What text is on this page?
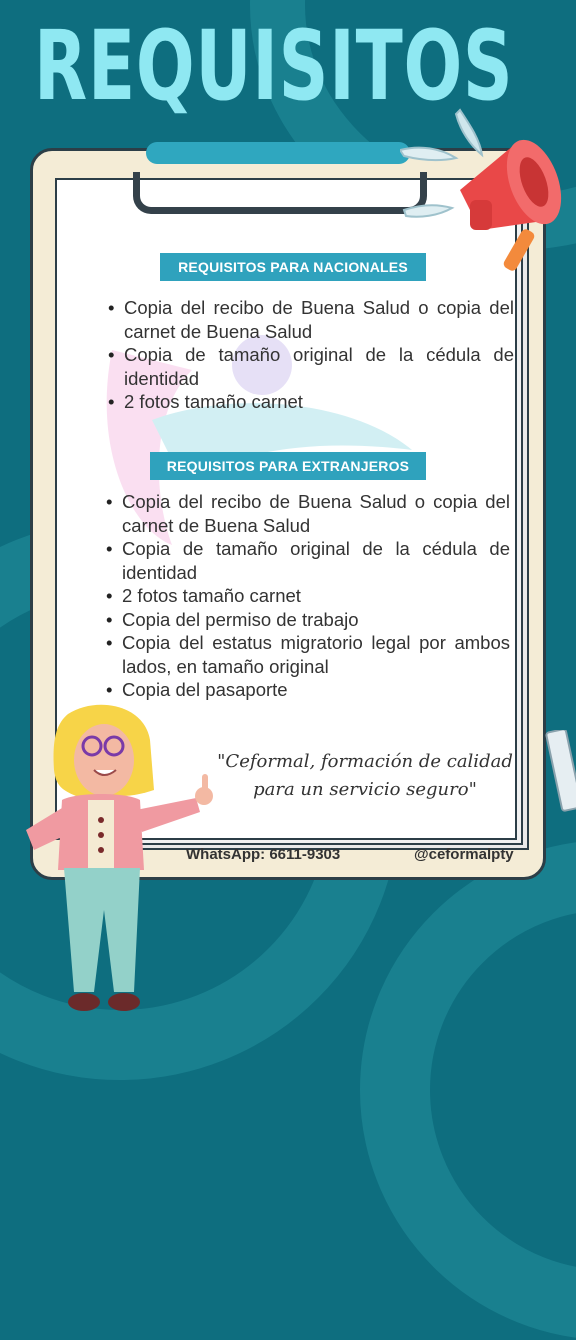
REQUISITOS
REQUISITOS PARA NACIONALES
• Copia del recibo de Buena Salud o copia del carnet de Buena Salud
• Copia de tamaño original de la cédula de identidad
• 2 fotos tamaño carnet
REQUISITOS PARA EXTRANJEROS
• Copia del recibo de Buena Salud o copia del carnet de Buena Salud
• Copia de tamaño original de la cédula de identidad
• 2 fotos tamaño carnet
• Copia del permiso de trabajo
• Copia del estatus migratorio legal por ambos lados, en tamaño original
• Copia del pasaporte
"Ceformal, formación de calidad
para un servicio seguro"
WhatsApp: 6611-9303	@ceformalpty
